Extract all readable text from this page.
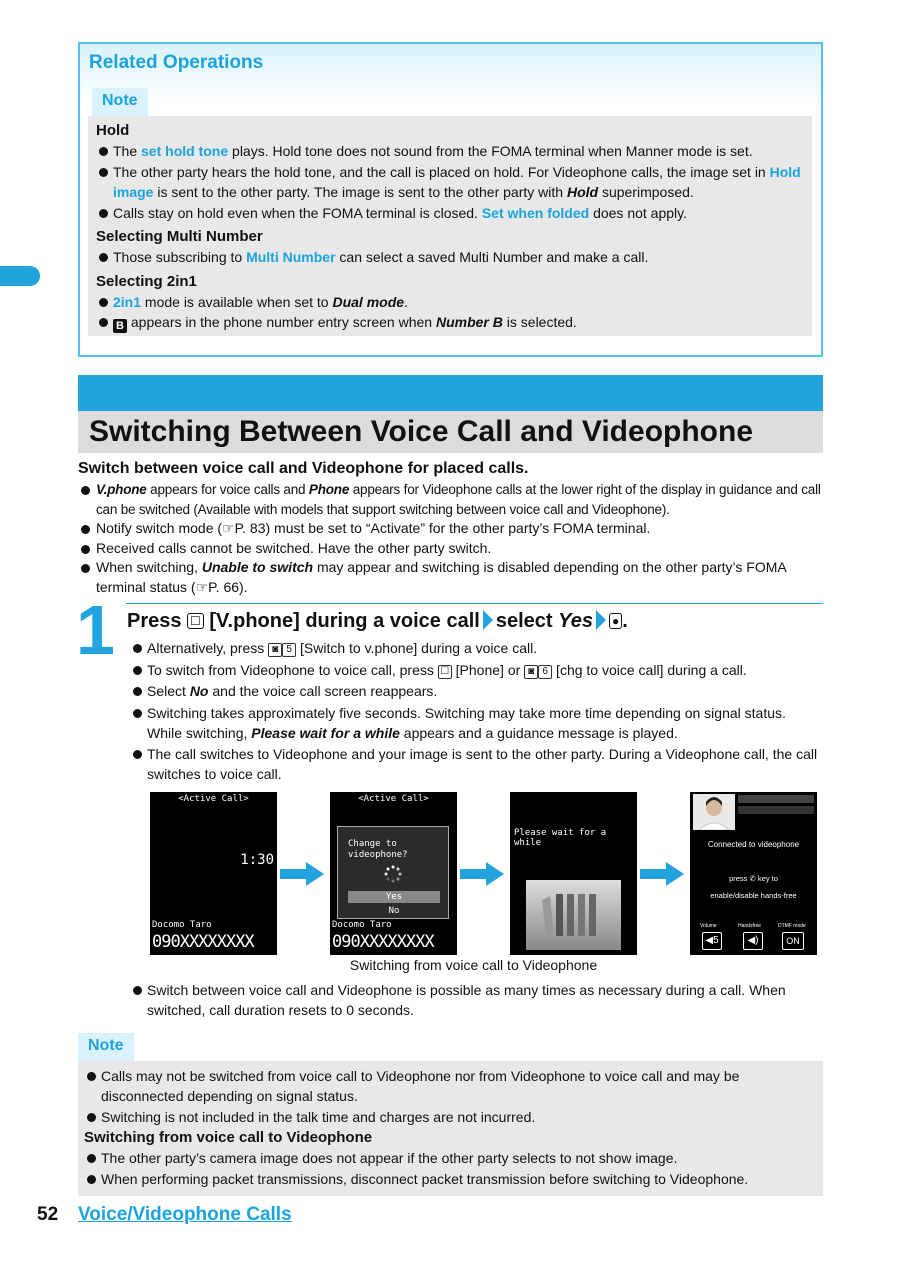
Related Operations
Note
Hold
The set hold tone plays. Hold tone does not sound from the FOMA terminal when Manner mode is set.
The other party hears the hold tone, and the call is placed on hold. For Videophone calls, the image set in Hold image is sent to the other party. The image is sent to the other party with Hold superimposed.
Calls stay on hold even when the FOMA terminal is closed. Set when folded does not apply.
Selecting Multi Number
Those subscribing to Multi Number can select a saved Multi Number and make a call.
Selecting 2in1
2in1 mode is available when set to Dual mode.
B appears in the phone number entry screen when Number B is selected.
Switching Between Voice Call and Videophone
Switch between voice call and Videophone for placed calls.
V.phone appears for voice calls and Phone appears for Videophone calls at the lower right of the display in guidance and call can be switched (Available with models that support switching between voice call and Videophone).
Notify switch mode (☞P. 83) must be set to “Activate” for the other party’s FOMA terminal.
Received calls cannot be switched. Have the other party switch.
When switching, Unable to switch may appear and switching is disabled depending on the other party’s FOMA terminal status (☞P. 66).
1 Press ☐ [V.phone] during a voice call select Yes ● .
Alternatively, press ◙ 5 [Switch to v.phone] during a voice call.
To switch from Videophone to voice call, press ☐ [Phone] or ◙ 6 [chg to voice call] during a call.
Select No and the voice call screen reappears.
Switching takes approximately five seconds. Switching may take more time depending on signal status. While switching, Please wait for a while appears and a guidance message is played.
The call switches to Videophone and your image is sent to the other party. During a Videophone call, the call switches to voice call.
<Active Call>
1:30
Docomo Taro
090XXXXXXXX
<Active Call>
Change to
videophone?
Yes
No
Docomo Taro
090XXXXXXXX
Please wait for a while	Connected to videophone
press ✆ key to
enable/disable hands-free
Volume	Handsfree	DTMF mode
◀5	◀)	ON
Switching from voice call to Videophone
Switch between voice call and Videophone is possible as many times as necessary during a call. When switched, call duration resets to 0 seconds.
Note
Calls may not be switched from voice call to Videophone nor from Videophone to voice call and may be disconnected depending on signal status.
Switching is not included in the talk time and charges are not incurred.
Switching from voice call to Videophone
The other party’s camera image does not appear if the other party selects to not show image.
When performing packet transmissions, disconnect packet transmission before switching to Videophone.
52 Voice/Videophone Calls
